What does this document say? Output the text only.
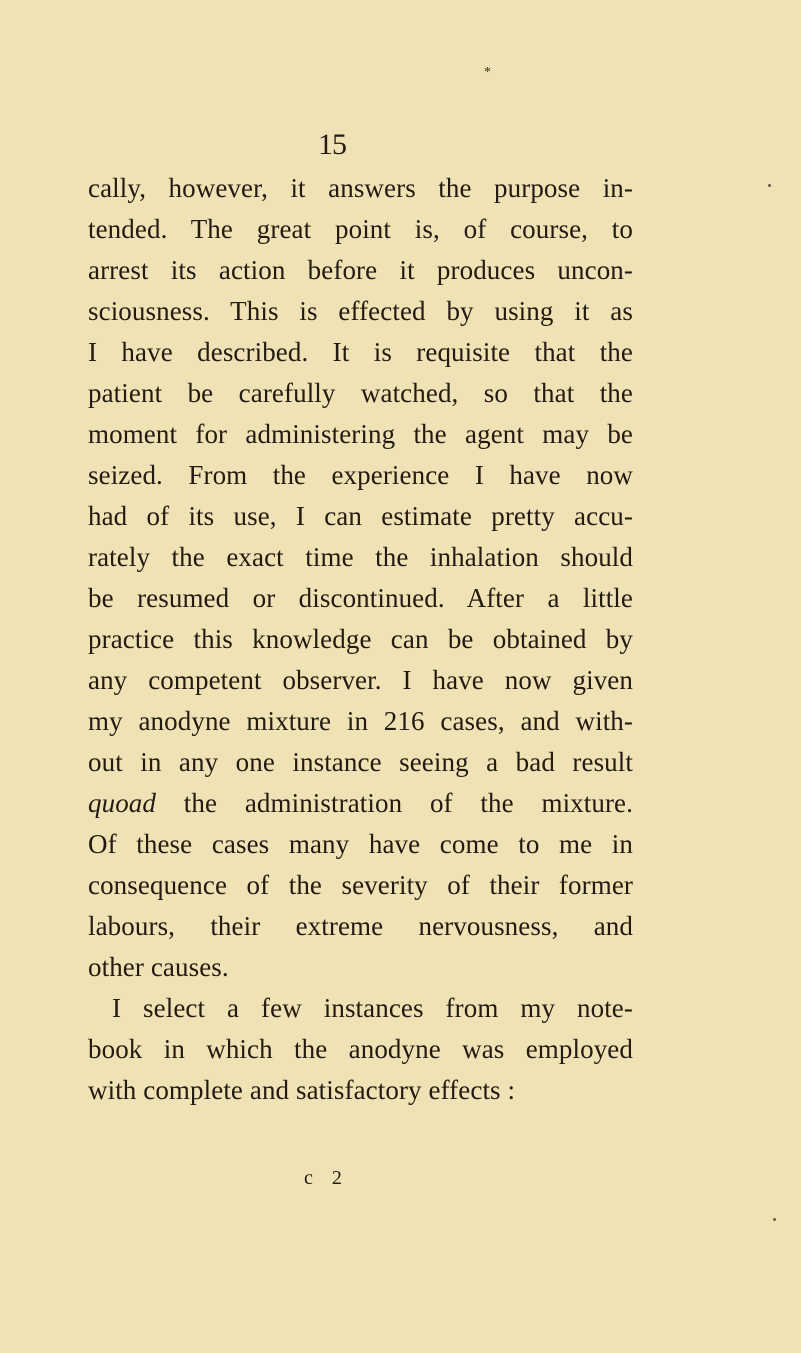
*
15
cally, however, it answers the purpose in-
tended. The great point is, of course, to
arrest its action before it produces uncon-
sciousness. This is effected by using it as
I have described. It is requisite that the
patient be carefully watched, so that the
moment for administering the agent may be
seized. From the experience I have now
had of its use, I can estimate pretty accu-
rately the exact time the inhalation should
be resumed or discontinued. After a little
practice this knowledge can be obtained by
any competent observer. I have now given
my anodyne mixture in 216 cases, and with-
out in any one instance seeing a bad result
quoad the administration of the mixture.
Of these cases many have come to me in
consequence of the severity of their former
labours, their extreme nervousness, and
other causes.
I select a few instances from my note-
book in which the anodyne was employed
with complete and satisfactory effects :
c 2
